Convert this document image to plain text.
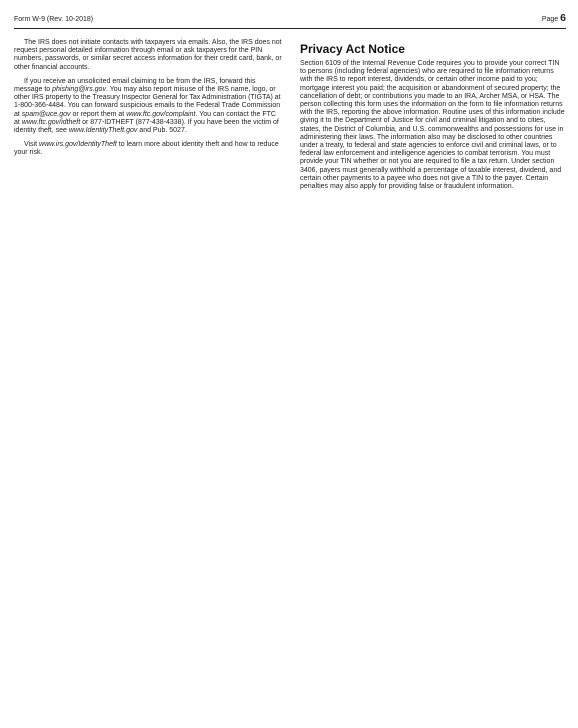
Form W-9 (Rev. 10-2018)	Page 6

The IRS does not initiate contacts with taxpayers via emails. Also, the IRS does not request personal detailed information through email or ask taxpayers for the PIN numbers, passwords, or similar secret access information for their credit card, bank, or other financial accounts.

If you receive an unsolicited email claiming to be from the IRS, forward this message to phishing@irs.gov. You may also report misuse of the IRS name, logo, or other IRS property to the Treasury Inspector General for Tax Administration (TIGTA) at 1-800-366-4484. You can forward suspicious emails to the Federal Trade Commission at spam@uce.gov or report them at www.ftc.gov/complaint. You can contact the FTC at www.ftc.gov/idtheft or 877-IDTHEFT (877-438-4338). If you have been the victim of identity theft, see www.IdentityTheft.gov and Pub. 5027.

Visit www.irs.gov/IdentityTheft to learn more about identity theft and how to reduce your risk.

Privacy Act Notice

Section 6109 of the Internal Revenue Code requires you to provide your correct TIN to persons (including federal agencies) who are required to file information returns with the IRS to report interest, dividends, or certain other income paid to you; mortgage interest you paid; the acquisition or abandonment of secured property; the cancellation of debt; or contributions you made to an IRA, Archer MSA, or HSA. The person collecting this form uses the information on the form to file information returns with the IRS, reporting the above information. Routine uses of this information include giving it to the Department of Justice for civil and criminal litigation and to cities, states, the District of Columbia, and U.S. commonwealths and possessions for use in administering their laws. The information also may be disclosed to other countries under a treaty, to federal and state agencies to enforce civil and criminal laws, or to federal law enforcement and intelligence agencies to combat terrorism. You must provide your TIN whether or not you are required to file a tax return. Under section 3406, payers must generally withhold a percentage of taxable interest, dividend, and certain other payments to a payee who does not give a TIN to the payer. Certain penalties may also apply for providing false or fraudulent information.
